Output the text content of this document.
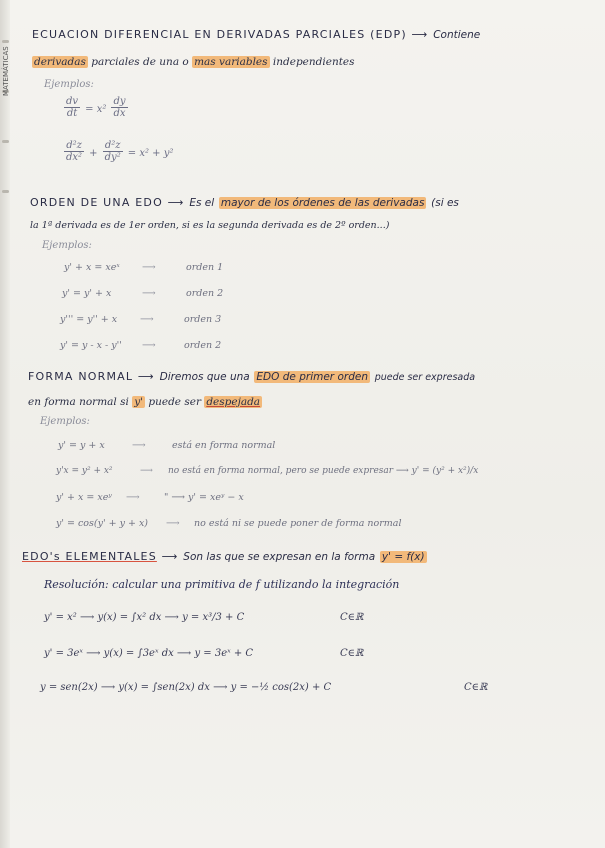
MATEMÁTICAS
ECUACION DIFERENCIAL EN DERIVADAS PARCIALES (EDP) ⟶ Contiene
derivadas parciales de una o mas variables independientes
Ejemplos:
$\frac{dv}{dt} = x^2 \frac{dy}{dx}$
$\frac{\text{d²z}}{\text{dx²}} + \frac{\text{d²z}}{\text{dy²}} = x^2 + y^2$
ORDEN DE UNA EDO ⟶ Es el mayor de los órdenes de las derivadas (si es
la 1ª derivada es de 1er orden, si es la segunda derivada es de 2º orden...)
Ejemplos:
y' + x = xeˣ ⟶	orden 1
y' = y' + x	⟶	orden 2
y''' = y'' + x ⟶	orden 3
y' = y - x - y'' ⟶	orden 2
FORMA NORMAL ⟶ Diremos que una EDO de primer orden puede ser expresada
en forma normal si y' puede ser despejada
Ejemplos:
y' = y + x	⟶	está en forma normal
y'x = y² + x²	⟶ no está en forma normal, pero se puede expresar ⟶ y' = (y² + x²)/x
y' + x = xeʸ ⟶	" ⟶ y' = xeʸ − x
y' = cos(y' + y + x) ⟶ no está ni se puede poner de forma normal
EDO's ELEMENTALES ⟶ Son las que se expresan en la forma y' = f(x)
Resolución: calcular una primitiva de f utilizando la integración
y' = x² ⟶ y(x) = ∫x² dx ⟶ y = x³/3 + C	C∈ℝ
y' = 3eˣ ⟶ y(x) = ∫3eˣ dx ⟶ y = 3eˣ + C	C∈ℝ
y = sen(2x) ⟶ y(x) = ∫sen(2x) dx ⟶ y = −½ cos(2x) + C	C∈ℝ
